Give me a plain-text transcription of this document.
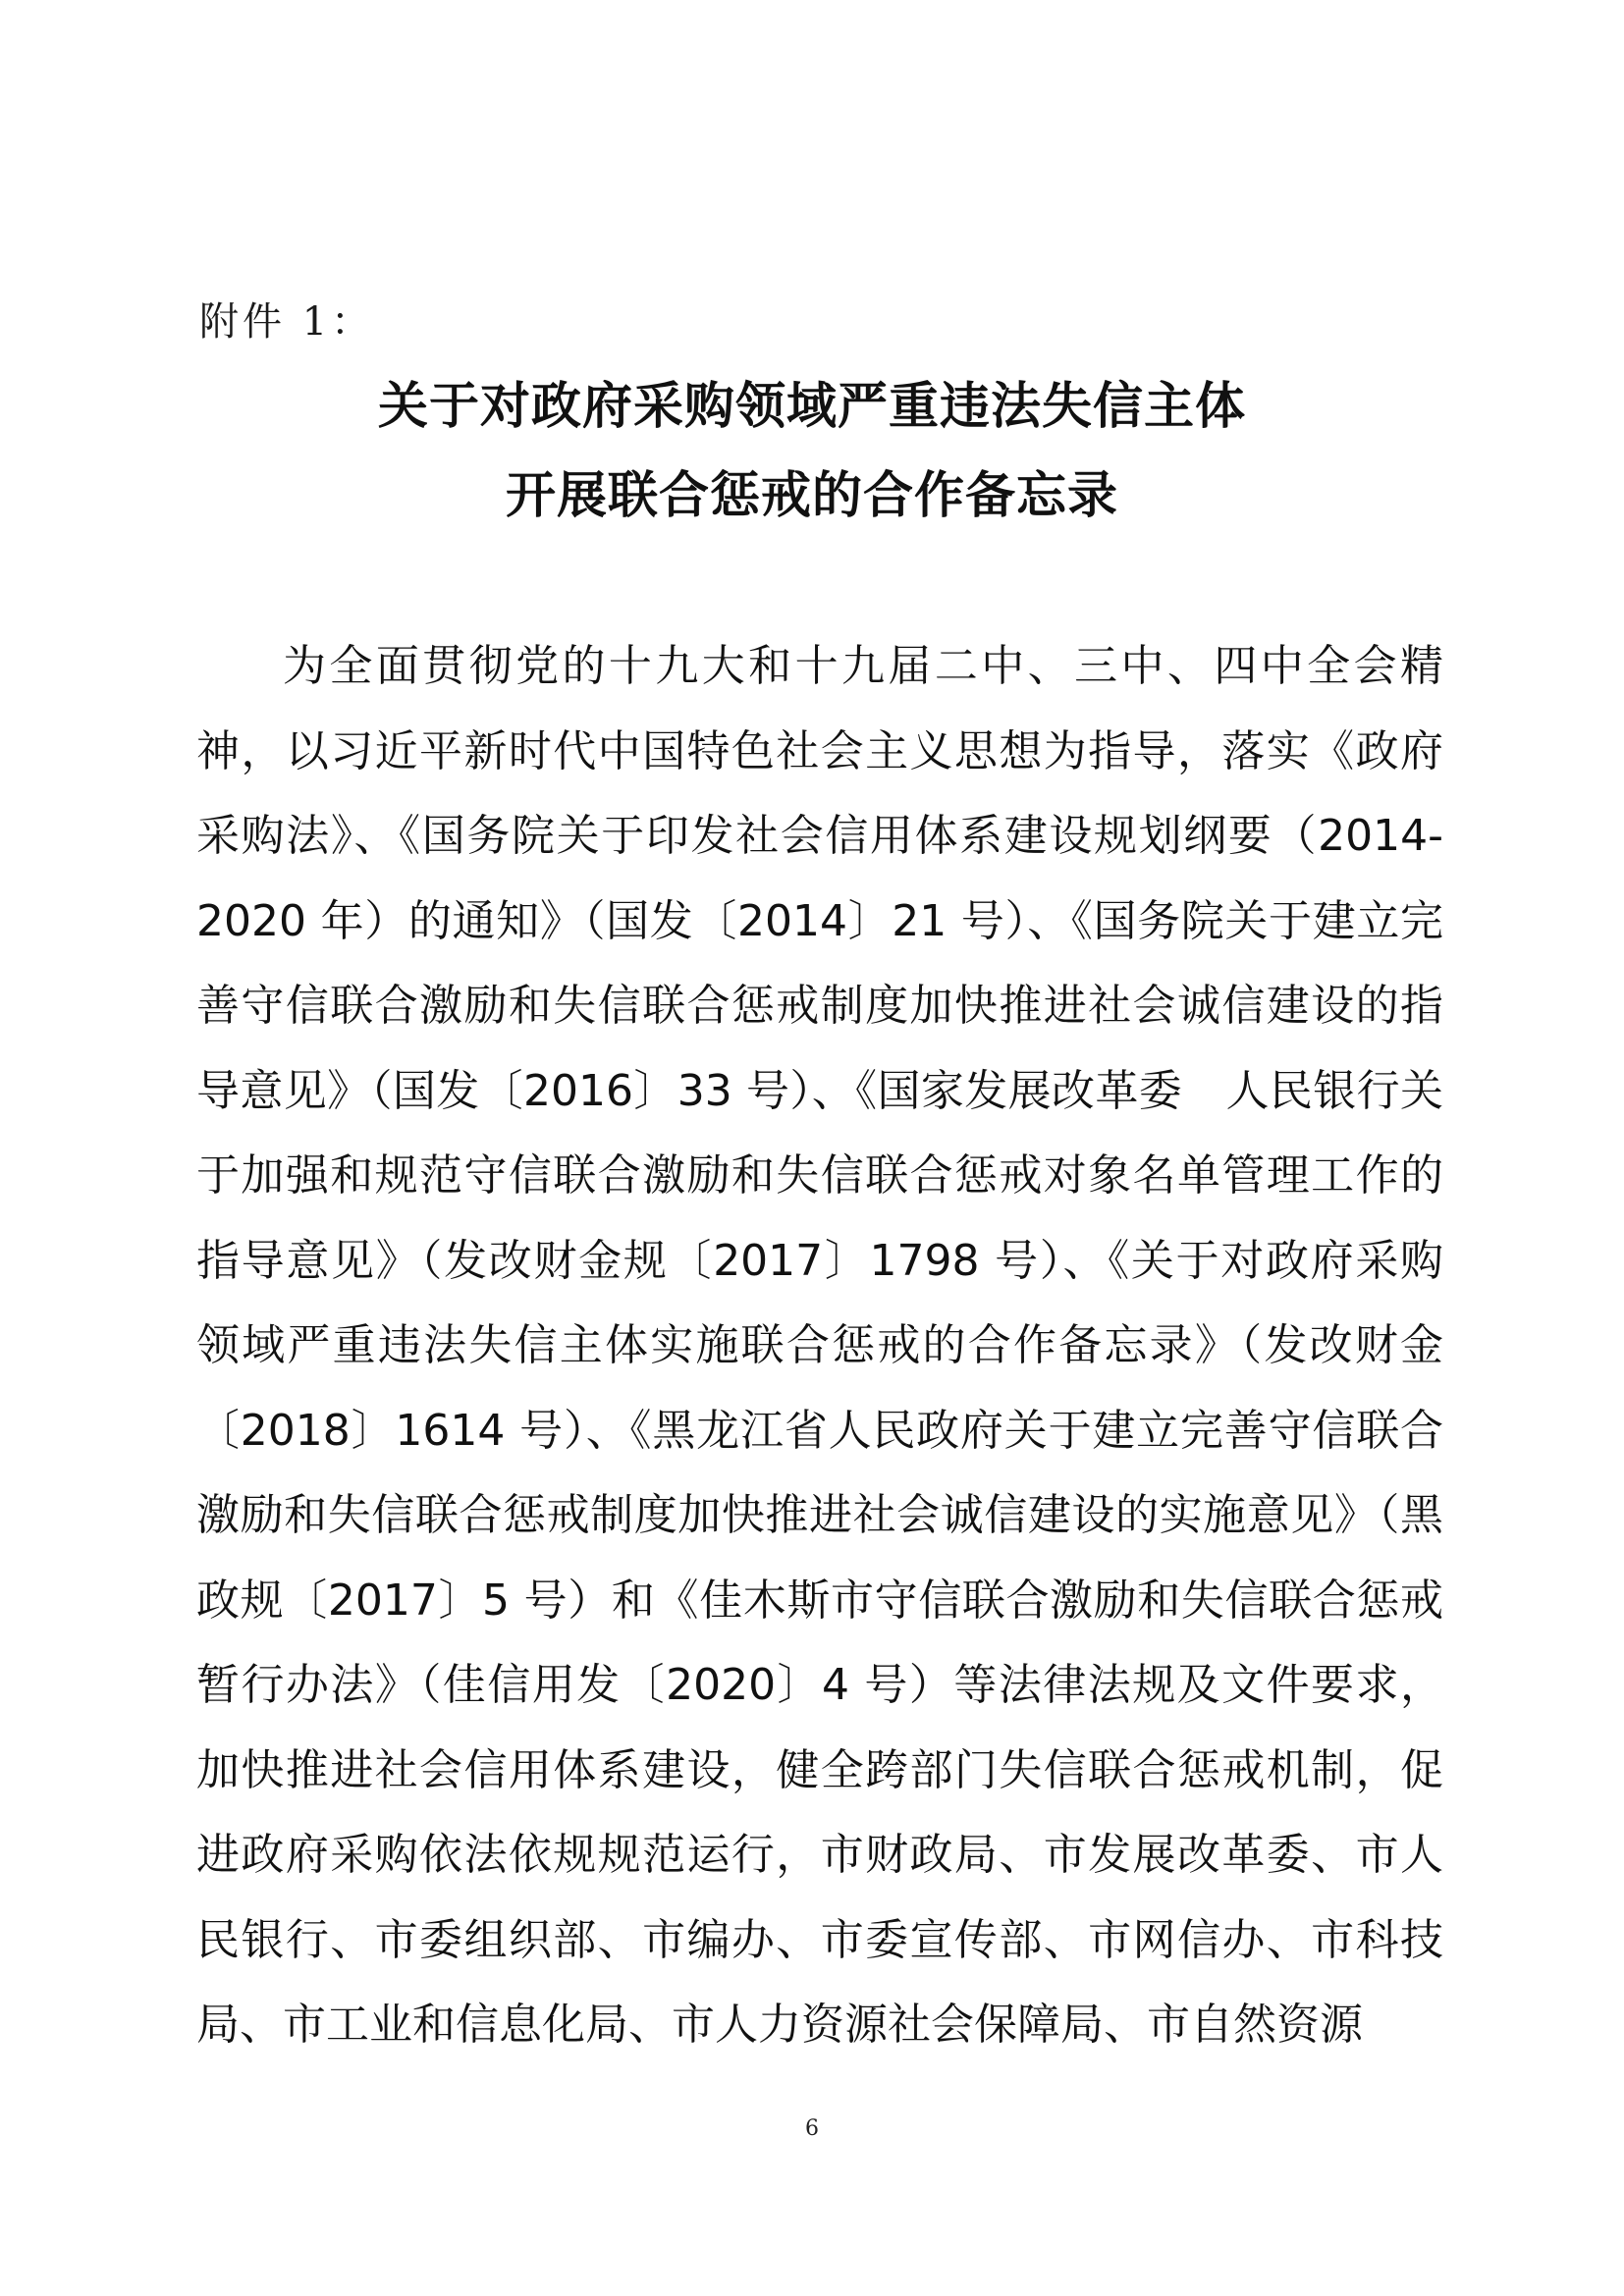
附件 1：
关于对政府采购领域严重违法失信主体
开展联合惩戒的合作备忘录
为全面贯彻党的十九大和十九届二中、三中、四中全会精神，以习近平新时代中国特色社会主义思想为指导，落实《政府采购法》、《国务院关于印发社会信用体系建设规划纲要（2014-2020 年）的通知》（国发〔2014〕21 号）、《国务院关于建立完善守信联合激励和失信联合惩戒制度加快推进社会诚信建设的指导意见》（国发〔2016〕33 号）、《国家发展改革委　人民银行关于加强和规范守信联合激励和失信联合惩戒对象名单管理工作的指导意见》（发改财金规〔2017〕1798 号）、《关于对政府采购领域严重违法失信主体实施联合惩戒的合作备忘录》（发改财金〔2018〕1614 号）、《黑龙江省人民政府关于建立完善守信联合激励和失信联合惩戒制度加快推进社会诚信建设的实施意见》（黑政规〔2017〕5 号）和《佳木斯市守信联合激励和失信联合惩戒暂行办法》（佳信用发〔2020〕4 号）等法律法规及文件要求，加快推进社会信用体系建设，健全跨部门失信联合惩戒机制，促进政府采购依法依规规范运行，市财政局、市发展改革委、市人民银行、市委组织部、市编办、市委宣传部、市网信办、市科技局、市工业和信息化局、市人力资源社会保障局、市自然资源
6
